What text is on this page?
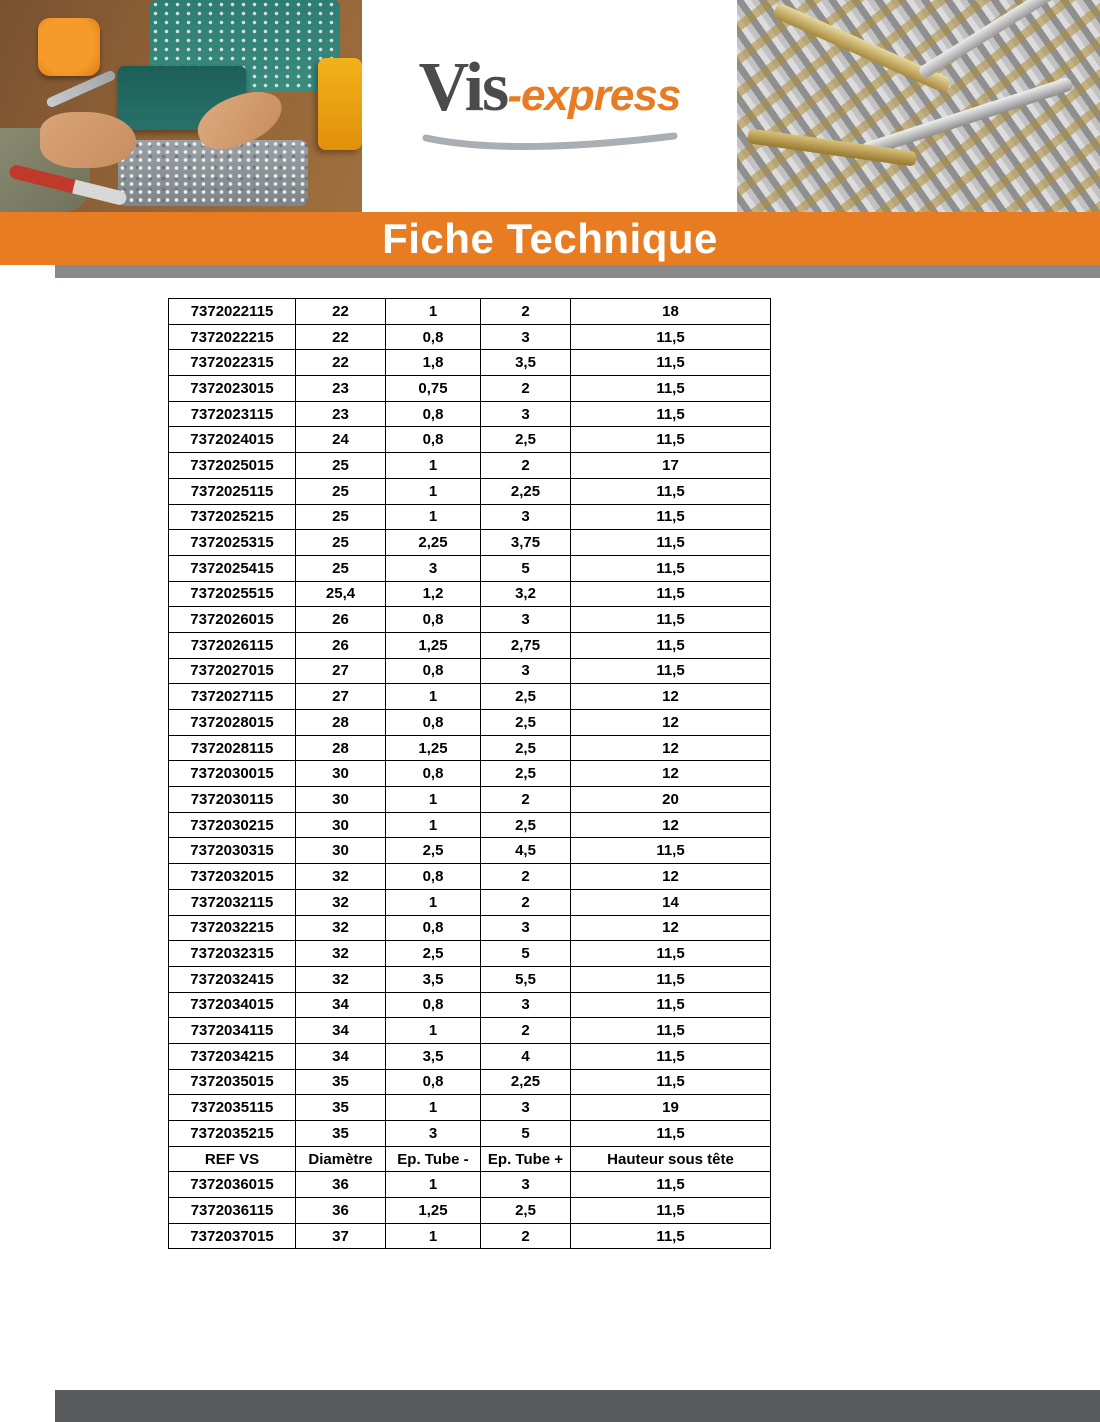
Vis-express
Fiche Technique
7372022115	22	1	2	18
7372022215	22	0,8	3	11,5
7372022315	22	1,8	3,5	11,5
7372023015	23	0,75	2	11,5
7372023115	23	0,8	3	11,5
7372024015	24	0,8	2,5	11,5
7372025015	25	1	2	17
7372025115	25	1	2,25	11,5
7372025215	25	1	3	11,5
7372025315	25	2,25	3,75	11,5
7372025415	25	3	5	11,5
7372025515	25,4	1,2	3,2	11,5
7372026015	26	0,8	3	11,5
7372026115	26	1,25	2,75	11,5
7372027015	27	0,8	3	11,5
7372027115	27	1	2,5	12
7372028015	28	0,8	2,5	12
7372028115	28	1,25	2,5	12
7372030015	30	0,8	2,5	12
7372030115	30	1	2	20
7372030215	30	1	2,5	12
7372030315	30	2,5	4,5	11,5
7372032015	32	0,8	2	12
7372032115	32	1	2	14
7372032215	32	0,8	3	12
7372032315	32	2,5	5	11,5
7372032415	32	3,5	5,5	11,5
7372034015	34	0,8	3	11,5
7372034115	34	1	2	11,5
7372034215	34	3,5	4	11,5
7372035015	35	0,8	2,25	11,5
7372035115	35	1	3	19
7372035215	35	3	5	11,5
REF VS	Diamètre	Ep. Tube -	Ep. Tube +	Hauteur sous tête
7372036015	36	1	3	11,5
7372036115	36	1,25	2,5	11,5
7372037015	37	1	2	11,5
